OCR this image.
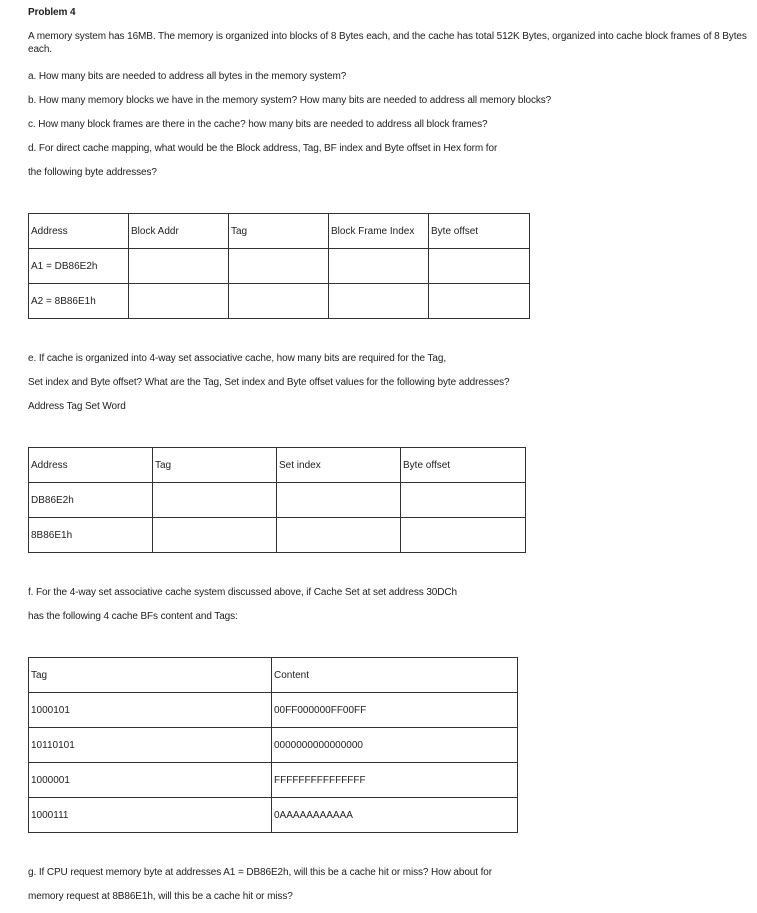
Problem 4
A memory system has 16MB. The memory is organized into blocks of 8 Bytes each, and the cache has total 512K Bytes, organized into cache block frames of 8 Bytes each.
a. How many bits are needed to address all bytes in the memory system?
b. How many memory blocks we have in the memory system? How many bits are needed to address all memory blocks?
c. How many block frames are there in the cache? how many bits are needed to address all block frames?
d. For direct cache mapping, what would be the Block address, Tag, BF index and Byte offset in Hex form for
the following byte addresses?
Address	Block Addr	Tag	Block Frame Index	Byte offset
A1 = DB86E2h				
A2 = 8B86E1h				
e. If cache is organized into 4-way set associative cache, how many bits are required for the Tag,
Set index and Byte offset? What are the Tag, Set index and Byte offset values for the following byte addresses?
Address Tag Set Word
Address	Tag	Set index	Byte offset
DB86E2h			
8B86E1h			
f. For the 4-way set associative cache system discussed above, if Cache Set at set address 30DCh
has the following 4 cache BFs content and Tags:
Tag	Content
1000101	00FF000000FF00FF
10110101	0000000000000000
1000001	FFFFFFFFFFFFFFF
1000111	0AAAAAAAAAAA
g. If CPU request memory byte at addresses A1 = DB86E2h, will this be a cache hit or miss? How about for
memory request at 8B86E1h, will this be a cache hit or miss?
